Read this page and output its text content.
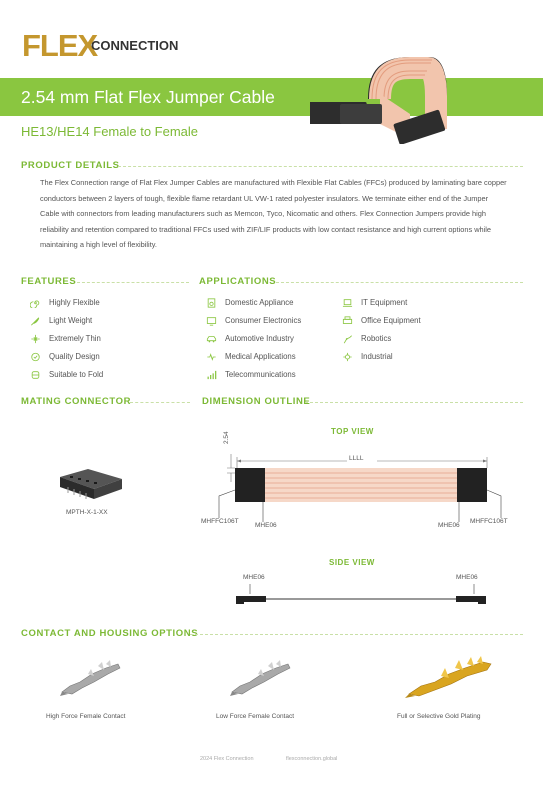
FLEX
CONNECTION
2.54 mm Flat Flex Jumper Cable
HE13/HE14 Female to Female
PRODUCT DETAILS
The Flex Connection range of Flat Flex Jumper Cables are manufactured with Flexible Flat Cables (FFCs) produced by laminating bare copper conductors between 2 layers of tough, flexible flame retardant UL VW-1 rated polyester insulators. We terminate either end of the Jumper Cable with connectors from leading manufacturers such as Memcon, Tyco, Nicomatic and others. Flex Connection Jumpers provide high reliability and retention compared to traditional FFCs used with ZIF/LIF products with low contact resistance and high current options while maintaining a high level of flexibility.
FEATURES
Highly Flexible
Light Weight
Extremely Thin
Quality Design
Suitable to Fold
APPLICATIONS
Domestic Appliance
Consumer Electronics
Automotive Industry
Medical Applications
Telecommunications
IT Equipment
Office Equipment
Robotics
Industrial
MATING CONNECTOR
MPTH-X-1-XX
DIMENSION OUTLINE
TOP VIEW
2.54
LLLL
MHFFC106T
MHE06	MHE06
MHFFC106T
SIDE VIEW
MHE06	MHE06
CONTACT AND HOUSING OPTIONS
High Force Female Contact	Low Force Female Contact	Full or Selective Gold Plating
2024 Flex Connection	flexconnection.global
